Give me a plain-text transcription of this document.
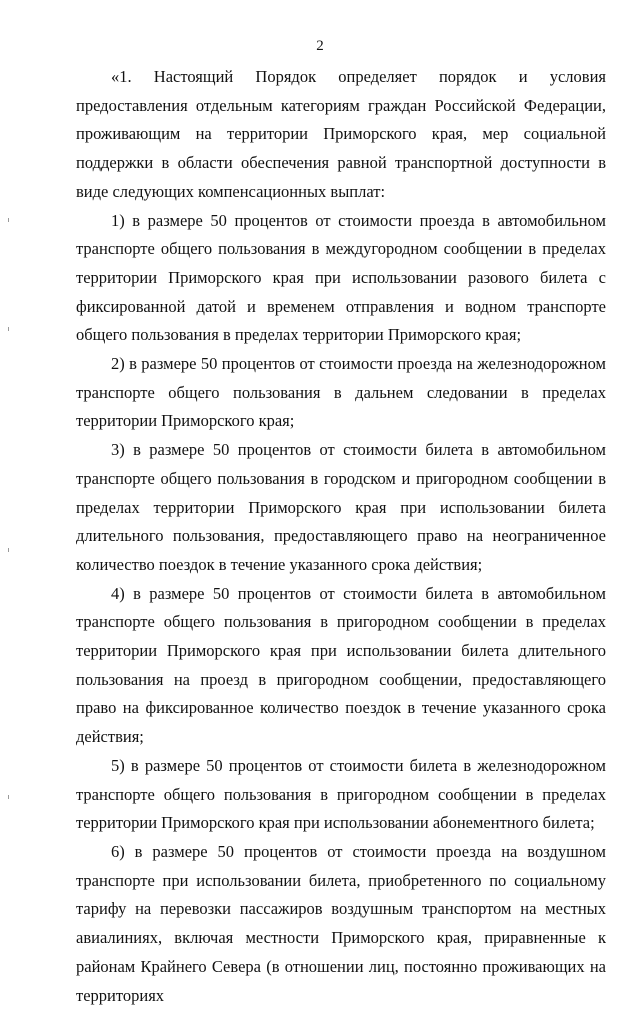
2

«1. Настоящий Порядок определяет порядок и условия предоставления отдельным категориям граждан Российской Федерации, проживающим на территории Приморского края, мер социальной поддержки в области обеспечения равной транспортной доступности в виде следующих компенсационных выплат:

1) в размере 50 процентов от стоимости проезда в автомобильном транспорте общего пользования в междугородном сообщении в пределах территории Приморского края при использовании разового билета с фиксированной датой и временем отправления и водном транспорте общего пользования в пределах территории Приморского края;

2) в размере 50 процентов от стоимости проезда на железнодорожном транспорте общего пользования в дальнем следовании в пределах территории Приморского края;

3) в размере 50 процентов от стоимости билета в автомобильном транспорте общего пользования в городском и пригородном сообщении в пределах территории Приморского края при использовании билета длительного пользования, предоставляющего право на неограниченное количество поездок в течение указанного срока действия;

4) в размере 50 процентов от стоимости билета в автомобильном транспорте общего пользования в пригородном сообщении в пределах территории Приморского края при использовании билета длительного пользования на проезд в пригородном сообщении, предоставляющего право на фиксированное количество поездок в течение указанного срока действия;

5) в размере 50 процентов от стоимости билета в железнодорожном транспорте общего пользования в пригородном сообщении в пределах территории Приморского края при использовании абонементного билета;

6) в размере 50 процентов от стоимости проезда на воздушном транспорте при использовании билета, приобретенного по социальному тарифу на перевозки пассажиров воздушным транспортом на местных авиалиниях, включая местности Приморского края, приравненные к районам Крайнего Севера (в отношении лиц, постоянно проживающих на территориях
